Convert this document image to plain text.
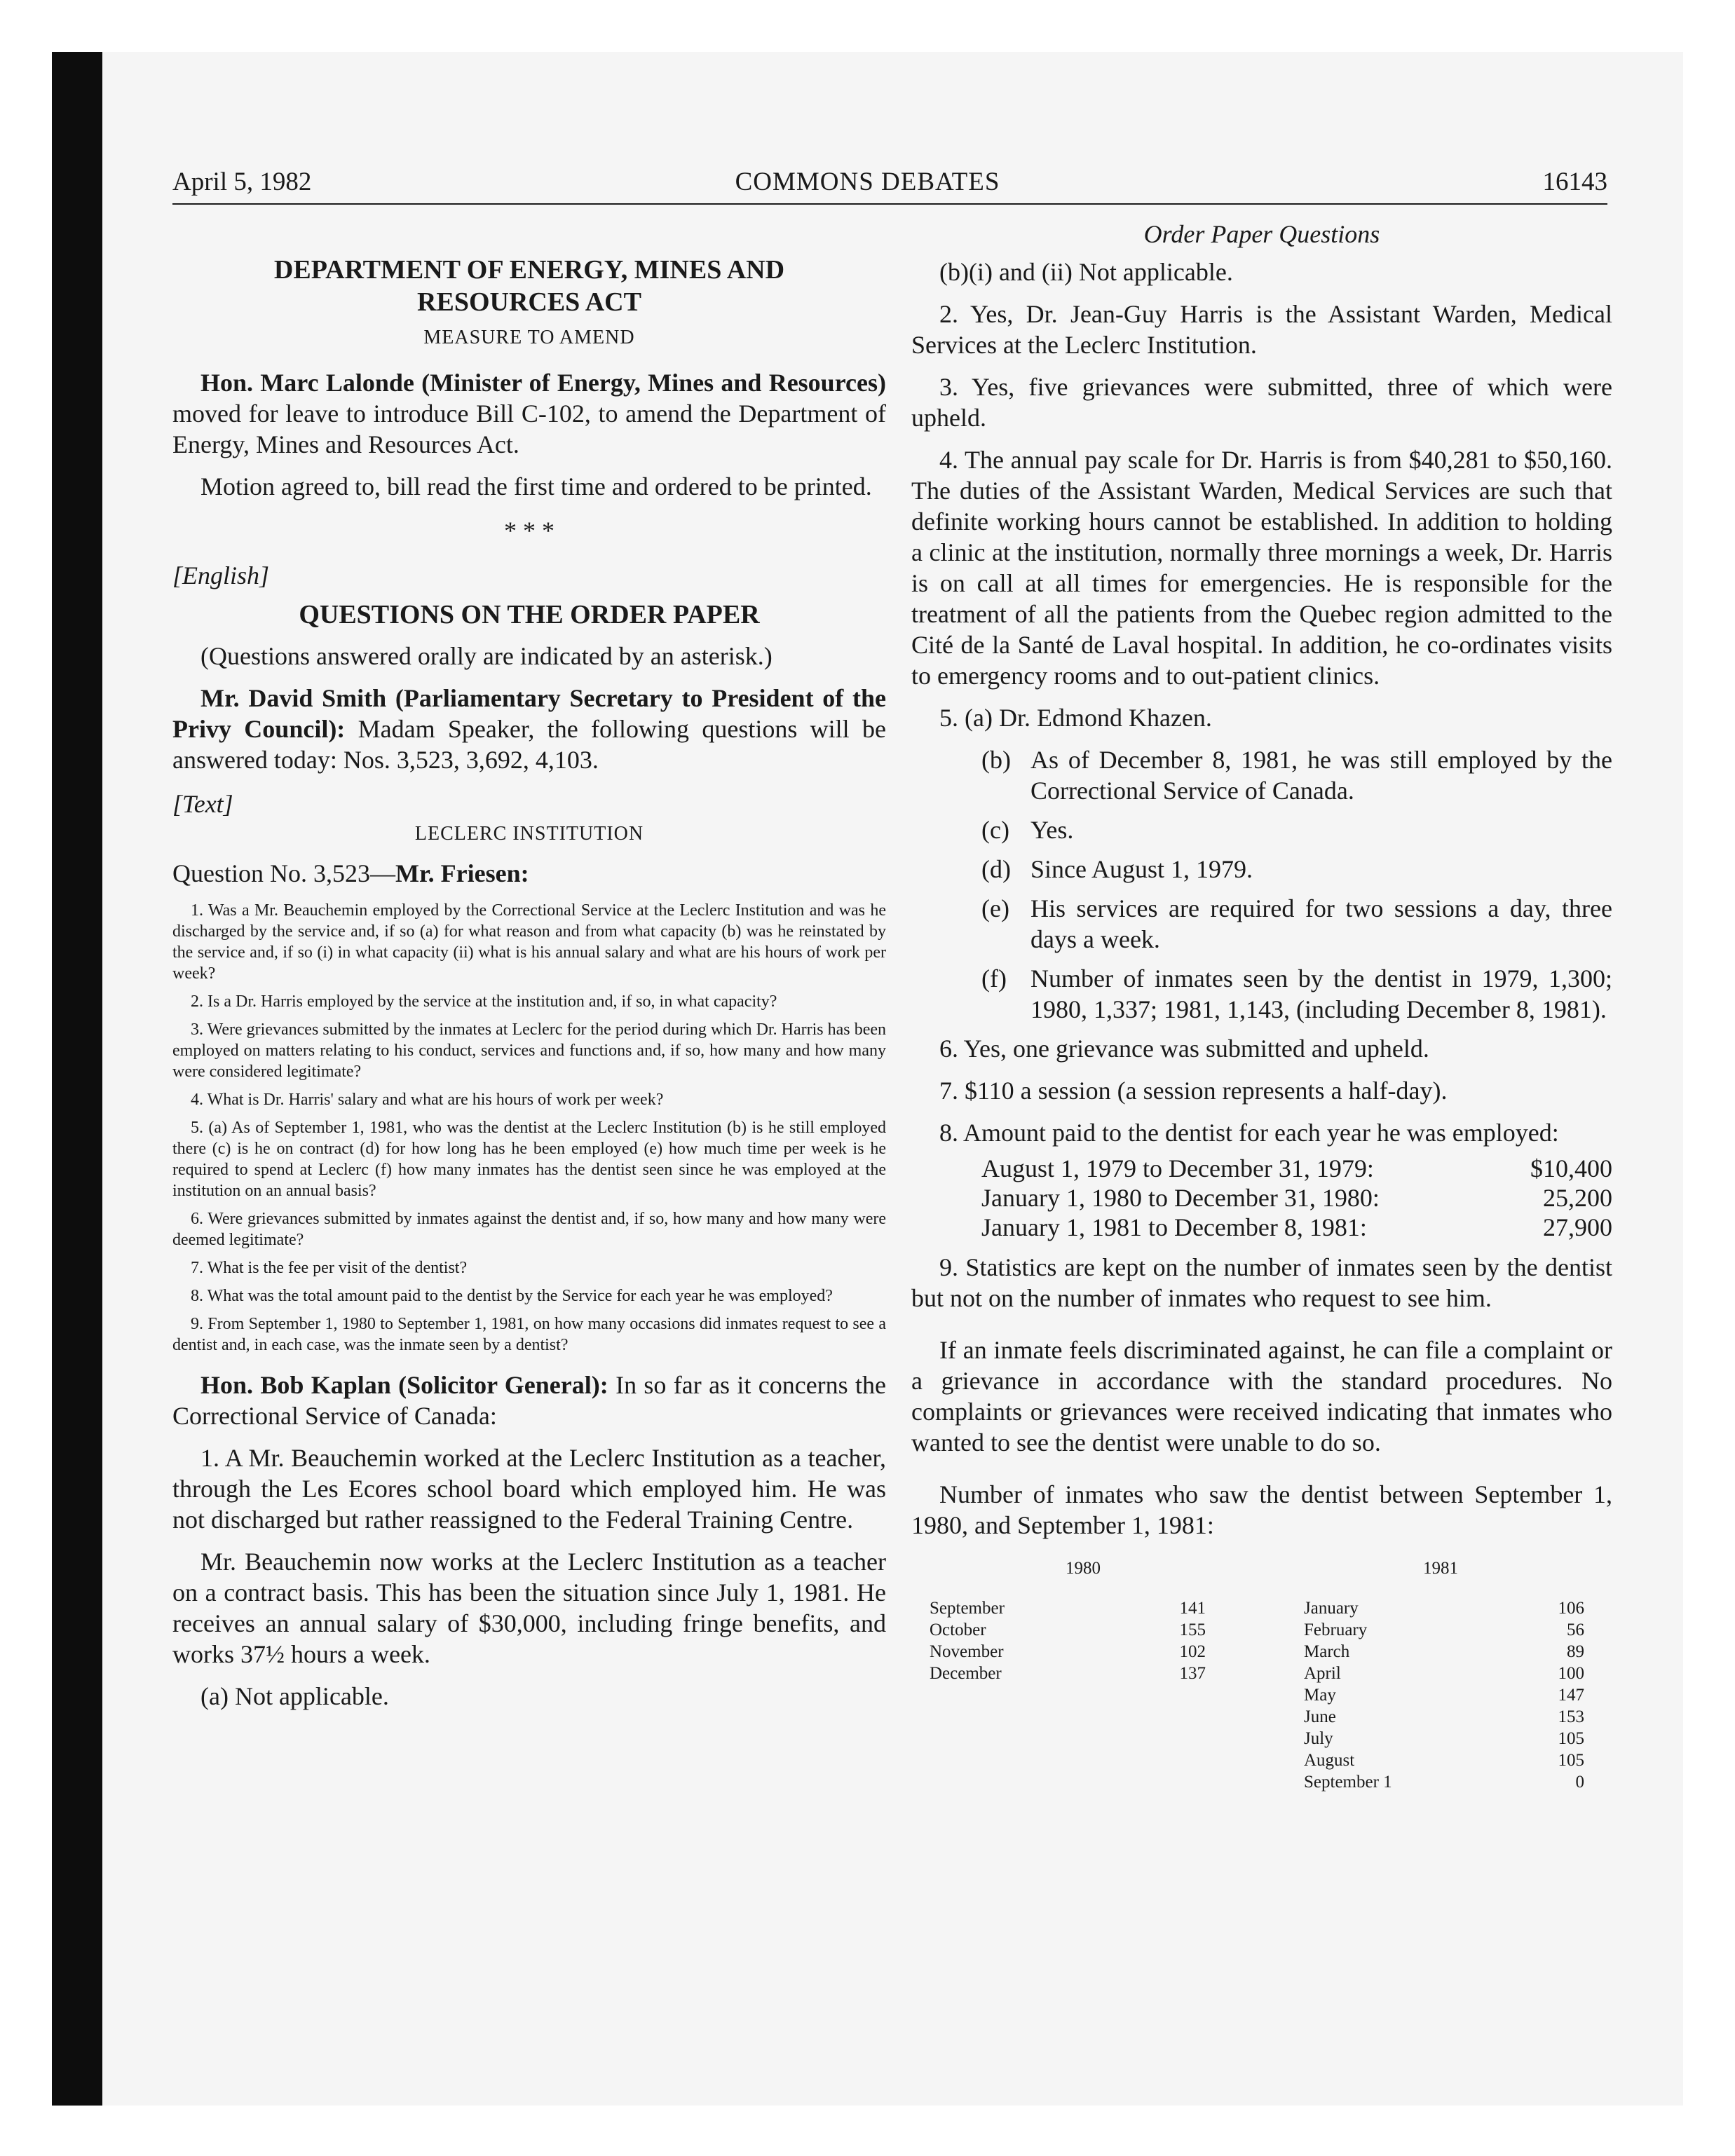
April 5, 1982	COMMONS DEBATES	16143

DEPARTMENT OF ENERGY, MINES AND RESOURCES ACT

MEASURE TO AMEND

Hon. Marc Lalonde (Minister of Energy, Mines and Resources) moved for leave to introduce Bill C-102, to amend the Department of Energy, Mines and Resources Act.

Motion agreed to, bill read the first time and ordered to be printed.

* * *

[English]

QUESTIONS ON THE ORDER PAPER

(Questions answered orally are indicated by an asterisk.)

Mr. David Smith (Parliamentary Secretary to President of the Privy Council): Madam Speaker, the following questions will be answered today: Nos. 3,523, 3,692, 4,103.

[Text]

LECLERC INSTITUTION

Question No. 3,523—Mr. Friesen:

1. Was a Mr. Beauchemin employed by the Correctional Service at the Leclerc Institution and was he discharged by the service and, if so (a) for what reason and from what capacity (b) was he reinstated by the service and, if so (i) in what capacity (ii) what is his annual salary and what are his hours of work per week?

2. Is a Dr. Harris employed by the service at the institution and, if so, in what capacity?

3. Were grievances submitted by the inmates at Leclerc for the period during which Dr. Harris has been employed on matters relating to his conduct, services and functions and, if so, how many and how many were considered legitimate?

4. What is Dr. Harris' salary and what are his hours of work per week?

5. (a) As of September 1, 1981, who was the dentist at the Leclerc Institution (b) is he still employed there (c) is he on contract (d) for how long has he been employed (e) how much time per week is he required to spend at Leclerc (f) how many inmates has the dentist seen since he was employed at the institution on an annual basis?

6. Were grievances submitted by inmates against the dentist and, if so, how many and how many were deemed legitimate?

7. What is the fee per visit of the dentist?

8. What was the total amount paid to the dentist by the Service for each year he was employed?

9. From September 1, 1980 to September 1, 1981, on how many occasions did inmates request to see a dentist and, in each case, was the inmate seen by a dentist?

Hon. Bob Kaplan (Solicitor General): In so far as it concerns the Correctional Service of Canada:

1. A Mr. Beauchemin worked at the Leclerc Institution as a teacher, through the Les Ecores school board which employed him. He was not discharged but rather reassigned to the Federal Training Centre.

Mr. Beauchemin now works at the Leclerc Institution as a teacher on a contract basis. This has been the situation since July 1, 1981. He receives an annual salary of $30,000, including fringe benefits, and works 37½ hours a week.

(a) Not applicable.

Order Paper Questions

(b)(i) and (ii) Not applicable.

2. Yes, Dr. Jean-Guy Harris is the Assistant Warden, Medical Services at the Leclerc Institution.

3. Yes, five grievances were submitted, three of which were upheld.

4. The annual pay scale for Dr. Harris is from $40,281 to $50,160. The duties of the Assistant Warden, Medical Services are such that definite working hours cannot be established. In addition to holding a clinic at the institution, normally three mornings a week, Dr. Harris is on call at all times for emergencies. He is responsible for the treatment of all the patients from the Quebec region admitted to the Cité de la Santé de Laval hospital. In addition, he co-ordinates visits to emergency rooms and to out-patient clinics.

5. (a) Dr. Edmond Khazen.

(b) As of December 8, 1981, he was still employed by the Correctional Service of Canada.
(c) Yes.
(d) Since August 1, 1979.
(e) His services are required for two sessions a day, three days a week.
(f) Number of inmates seen by the dentist in 1979, 1,300; 1980, 1,337; 1981, 1,143, (including December 8, 1981).

6. Yes, one grievance was submitted and upheld.

7. $110 a session (a session represents a half-day).

8. Amount paid to the dentist for each year he was employed:

August 1, 1979 to December 31, 1979:	$10,400
January 1, 1980 to December 31, 1980:	25,200
January 1, 1981 to December 8, 1981:	27,900

9. Statistics are kept on the number of inmates seen by the dentist but not on the number of inmates who request to see him.

If an inmate feels discriminated against, he can file a complaint or a grievance in accordance with the standard procedures. No complaints or grievances were received indicating that inmates who wanted to see the dentist were unable to do so.

Number of inmates who saw the dentist between September 1, 1980, and September 1, 1981:

1980	1981
September	141
October	155
November	102
December	137
January	106
February	56
March	89
April	100
May	147
June	153
July	105
August	105
September 1	0
